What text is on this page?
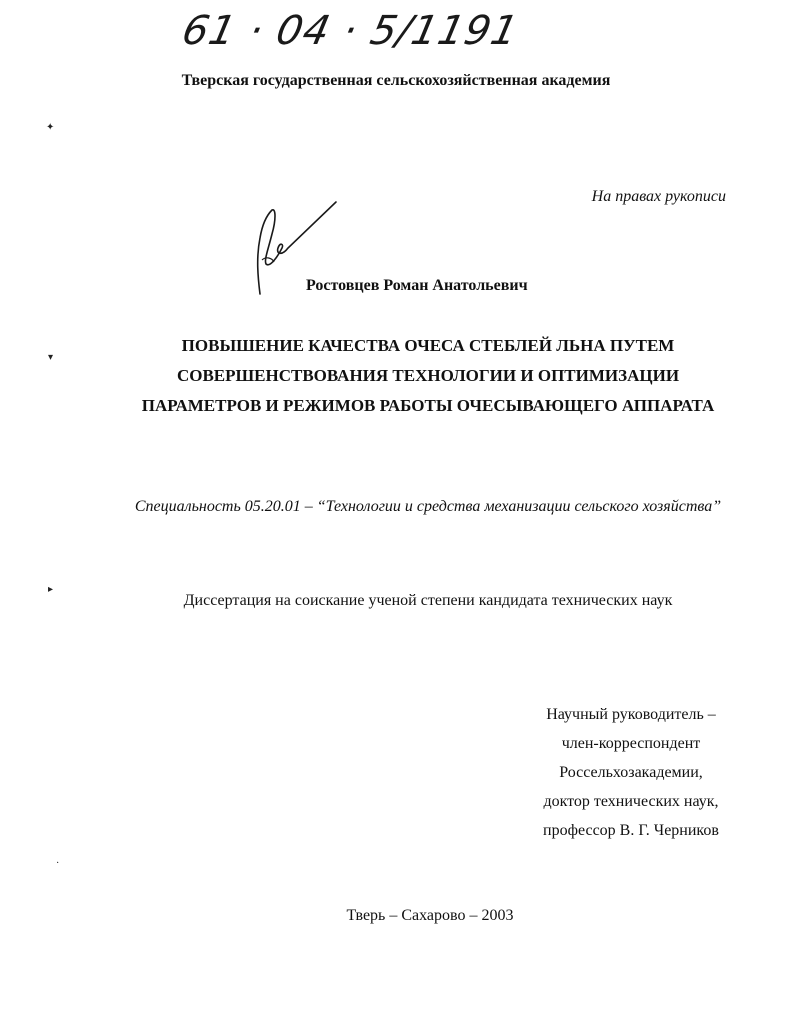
61 · 04 · 5/1191
Тверская государственная сельскохозяйственная академия
✦
▾
▸
·
На правах рукописи
Ростовцев Роман Анатольевич
ПОВЫШЕНИЕ КАЧЕСТВА ОЧЕСА СТЕБЛЕЙ ЛЬНА ПУТЕМ СОВЕРШЕНСТВОВАНИЯ ТЕХНОЛОГИИ И ОПТИМИЗАЦИИ ПАРАМЕТРОВ И РЕЖИМОВ РАБОТЫ ОЧЕСЫВАЮЩЕГО АППАРАТА
Специальность 05.20.01 – “Технологии и средства механизации сельского хозяйства”
Диссертация на соискание ученой степени кандидата технических наук
Научный руководитель –
член-корреспондент
Россельхозакадемии,
доктор технических наук,
профессор В. Г. Черников
Тверь – Сахарово – 2003
